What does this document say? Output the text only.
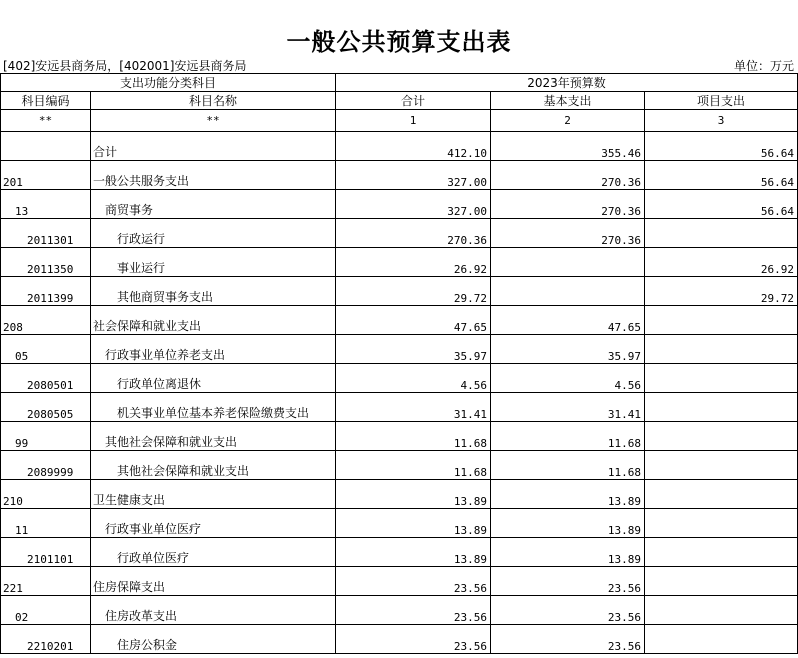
一般公共预算支出表
[402]安远县商务局，[402001]安远县商务局	单位：万元
支出功能分类科目		2023年预算数		
科目编码	科目名称	合计	基本支出	项目支出
**	**	1	2	3
	合计	412.10	355.46	56.64
201	一般公共服务支出	327.00	270.36	56.64
13	商贸事务	327.00	270.36	56.64
2011301	行政运行	270.36	270.36	
2011350	事业运行	26.92		26.92
2011399	其他商贸事务支出	29.72		29.72
208	社会保障和就业支出	47.65	47.65	
05	行政事业单位养老支出	35.97	35.97	
2080501	行政单位离退休	4.56	4.56	
2080505	机关事业单位基本养老保险缴费支出	31.41	31.41	
99	其他社会保障和就业支出	11.68	11.68	
2089999	其他社会保障和就业支出	11.68	11.68	
210	卫生健康支出	13.89	13.89	
11	行政事业单位医疗	13.89	13.89	
2101101	行政单位医疗	13.89	13.89	
221	住房保障支出	23.56	23.56	
02	住房改革支出	23.56	23.56	
2210201	住房公积金	23.56	23.56	
